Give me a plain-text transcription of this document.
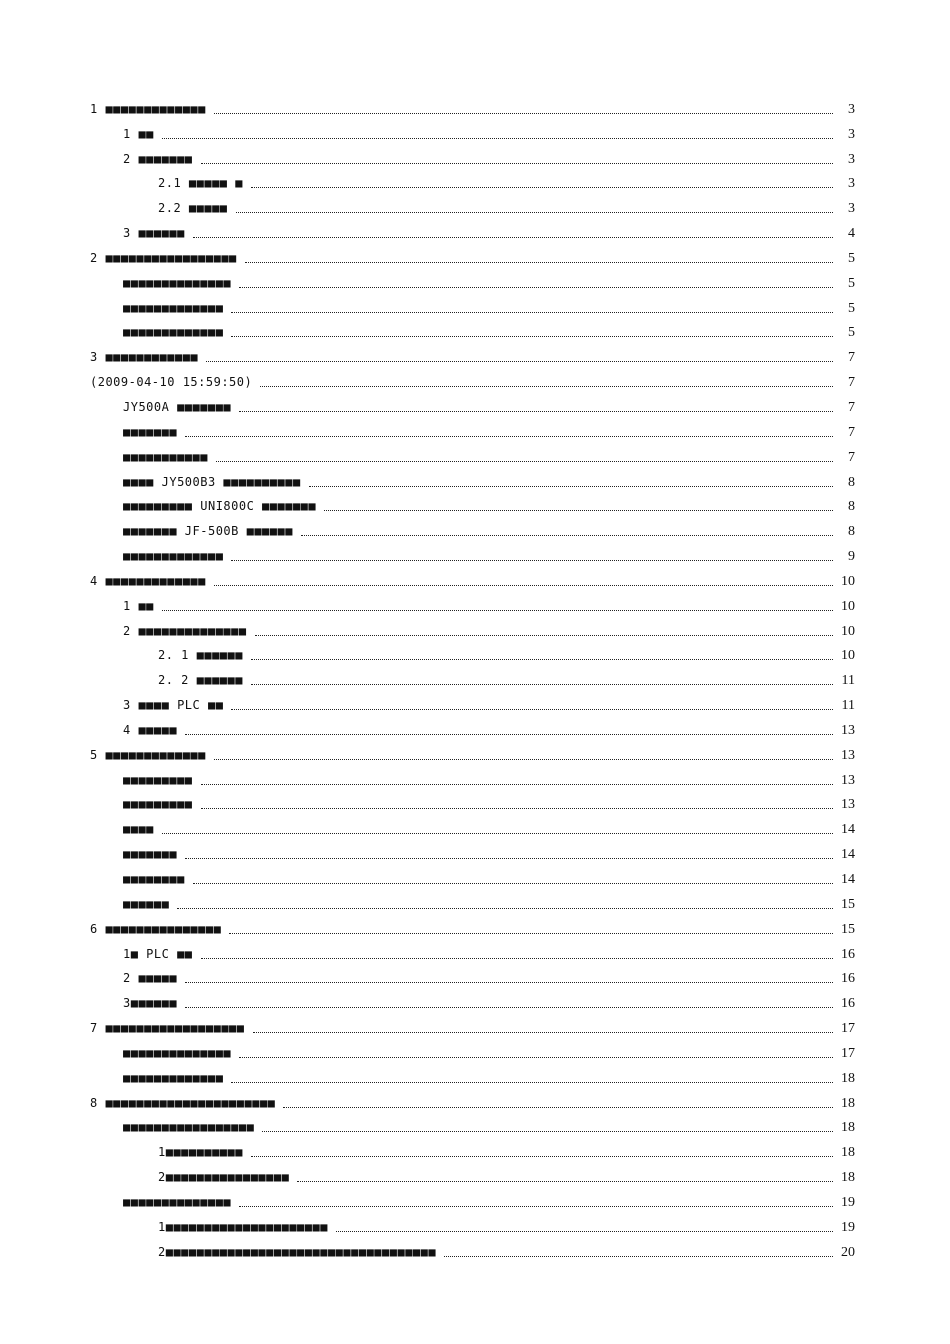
1 ■■■■■■■■■■■■■	3
1 ■■	3
2 ■■■■■■■	3
2.1 ■■■■■ ■	3
2.2 ■■■■■	3
3 ■■■■■■	4
2 ■■■■■■■■■■■■■■■■■	5
■■■■■■■■■■■■■■	5
■■■■■■■■■■■■■	5
■■■■■■■■■■■■■	5
3 ■■■■■■■■■■■■	7
(2009-04-10 15:59:50)	7
JY500A ■■■■■■■	7
■■■■■■■	7
■■■■■■■■■■■	7
■■■■ JY500B3 ■■■■■■■■■■	8
■■■■■■■■■ UNI800C ■■■■■■■	8
■■■■■■■ JF-500B ■■■■■■	8
■■■■■■■■■■■■■	9
4 ■■■■■■■■■■■■■	10
1 ■■	10
2 ■■■■■■■■■■■■■■	10
2. 1 ■■■■■■	10
2. 2 ■■■■■■	11
3 ■■■■ PLC ■■	11
4 ■■■■■	13
5 ■■■■■■■■■■■■■	13
■■■■■■■■■	13
■■■■■■■■■	13
■■■■	14
■■■■■■■	14
■■■■■■■■	14
■■■■■■	15
6 ■■■■■■■■■■■■■■■	15
1■ PLC ■■	16
2 ■■■■■	16
3■■■■■■	16
7 ■■■■■■■■■■■■■■■■■■	17
■■■■■■■■■■■■■■	17
■■■■■■■■■■■■■	18
8 ■■■■■■■■■■■■■■■■■■■■■■	18
■■■■■■■■■■■■■■■■■	18
1■■■■■■■■■■	18
2■■■■■■■■■■■■■■■■	18
■■■■■■■■■■■■■■	19
1■■■■■■■■■■■■■■■■■■■■■	19
2■■■■■■■■■■■■■■■■■■■■■■■■■■■■■■■■■■■	20
